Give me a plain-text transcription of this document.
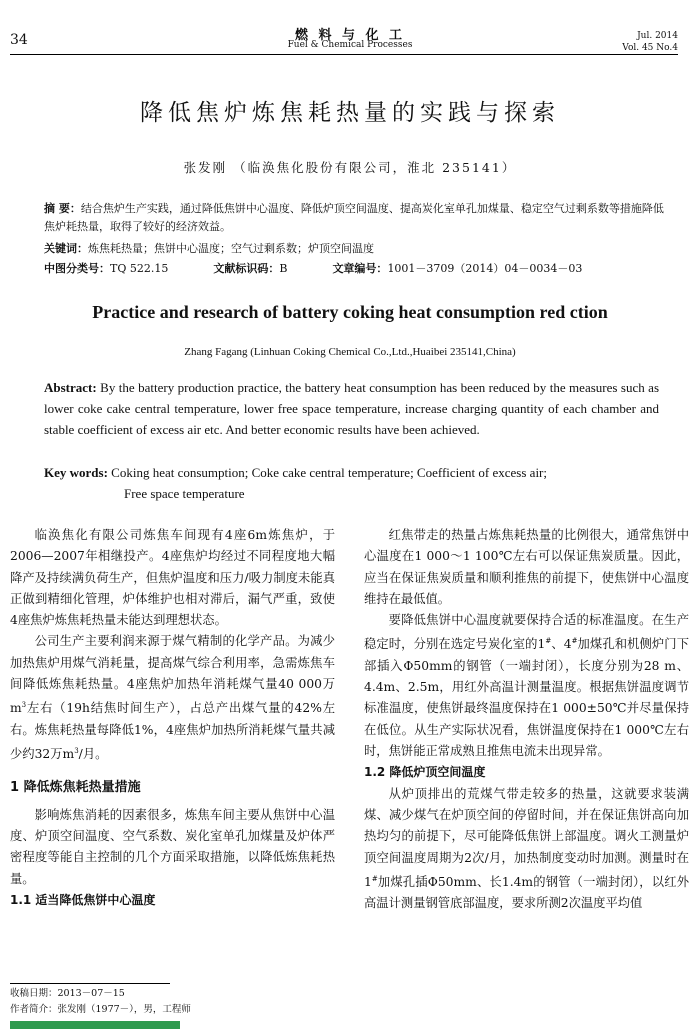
34	燃 料 与 化 工
Fuel & Chemical Processes
Jul. 2014
Vol. 45 No.4
降低焦炉炼焦耗热量的实践与探索
张发刚 （临涣焦化股份有限公司，淮北 235141）
摘 要：结合焦炉生产实践，通过降低焦饼中心温度、降低炉顶空间温度、提高炭化室单孔加煤量、稳定空气过剩系数等措施降低焦炉耗热量，取得了较好的经济效益。
关键词：炼焦耗热量；焦饼中心温度；空气过剩系数；炉顶空间温度
中图分类号：TQ 522.15	文献标识码：B	文章编号：1001－3709（2014）04－0034－03
Practice and research of battery coking heat consumption red ction
Zhang Fagang (Linhuan Coking Chemical Co.,Ltd.,Huaibei 235141,China)
Abstract: By the battery production practice, the battery heat consumption has been reduced by the measures such as lower coke cake central temperature, lower free space temperature, increase charging quantity of each chamber and stable coefficient of excess air etc. And better economic results have been achieved.
Key words: Coking heat consumption; Coke cake central temperature; Coefficient of excess air;
Free space temperature

临涣焦化有限公司炼焦车间现有4座6m炼焦炉，于2006—2007年相继投产。4座焦炉均经过不同程度地大幅降产及持续满负荷生产，但焦炉温度和压力/吸力制度未能真正做到精细化管理，炉体维护也相对滞后，漏气严重，致使4座焦炉炼焦耗热量未能达到理想状态。

公司生产主要利润来源于煤气精制的化学产品。为减少加热焦炉用煤气消耗量，提高煤气综合利用率，急需炼焦车间降低炼焦耗热量。4座焦炉加热年消耗煤气量40 000万$m^3$左右（19h结焦时间生产），占总产出煤气量的42%左右。炼焦耗热量每降低1%，4座焦炉加热所消耗煤气量共减少约32万$m^3/$月。

1 降低炼焦耗热量措施

影响炼焦消耗的因素很多，炼焦车间主要从焦饼中心温度、炉顶空间温度、空气系数、炭化室单孔加煤量及炉体严密程度等能自主控制的几个方面采取措施，以降低炼焦耗热量。

1.1 适当降低焦饼中心温度

红焦带走的热量占炼焦耗热量的比例很大，通常焦饼中心温度在1 000～1 100℃左右可以保证焦炭质量。因此，应当在保证焦炭质量和顺利推焦的前提下，使焦饼中心温度维持在最低值。

要降低焦饼中心温度就要保持合适的标准温度。在生产稳定时，分别在选定号炭化室的1#、4#加煤孔和机侧炉门下部插入Φ50mm的钢管（一端封闭），长度分别为28 m、4.4m、2.5m，用红外高温计测量温度。根据焦饼温度调节标准温度，使焦饼最终温度保持在1 000±50℃并尽量保持在低位。从生产实际状况看，焦饼温度保持在1 000℃左右时，焦饼能正常成熟且推焦电流未出现异常。

1.2 降低炉顶空间温度

从炉顶排出的荒煤气带走较多的热量，这就要求装满煤、减少煤气在炉顶空间的停留时间，并在保证焦饼高向加热均匀的前提下，尽可能降低焦饼上部温度。调火工测量炉顶空间温度周期为2次/月，加热制度变动时加测。测量时在1#加煤孔插Φ50mm、长1.4m的钢管（一端封闭），以红外高温计测量钢管底部温度，要求所测2次温度平均值

收稿日期：2013－07－15
作者简介：张发刚（1977－），男，工程师
